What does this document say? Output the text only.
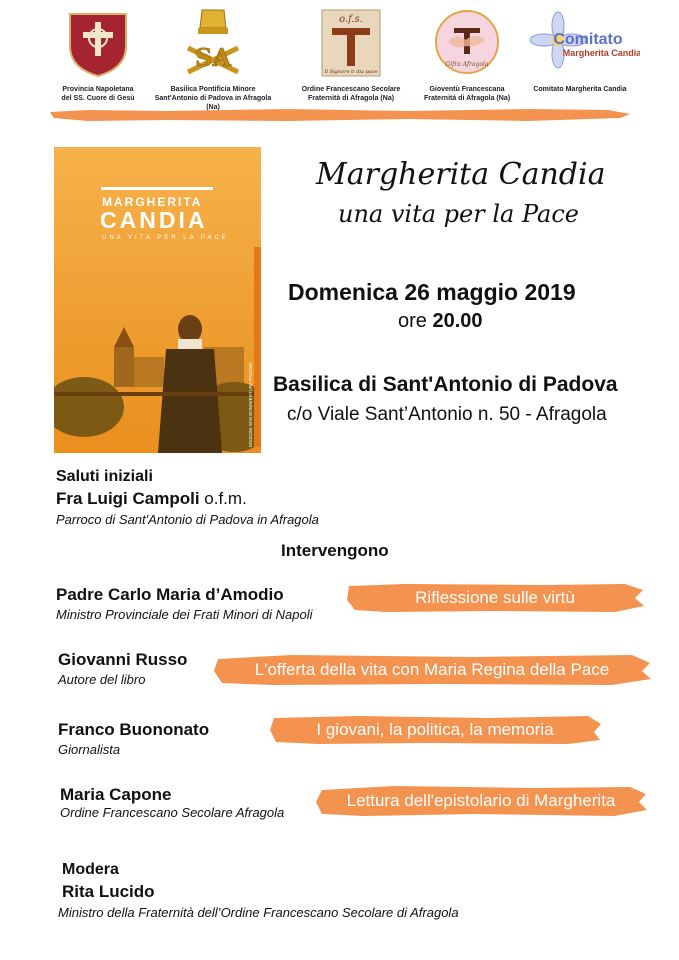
Provincia Napoletana
del SS. Cuore di Gesù
SA
Basilica Pontificia Minore
Sant'Antonio di Padova in Afragola (Na)
o.f.s.
Il Signore ti dia pace
Ordine Francescano Secolare
Fraternità di Afragola (Na)
Gifra Afragola
Gioventù Francescana
Fraternità di Afragola (Na)
Comitato
Margherita Candia
Comitato Margherita Candia
MARGHERITA
CANDIA
UNA VITA PER LA PACE
EDIZIONI SAN BONAVENTURA PADOVA
Margherita Candia
una vita per la Pace
Domenica 26 maggio 2019
ore 20.00
Basilica di Sant'Antonio di Padova
c/o Viale Sant’Antonio n. 50 - Afragola
Saluti iniziali
Fra Luigi Campoli o.f.m.
Parroco di Sant'Antonio di Padova in Afragola
Intervengono
Padre Carlo Maria d’Amodio
Ministro Provinciale dei Frati Minori di Napoli
Riflessione sulle virtù
Giovanni Russo
Autore del libro
L'offerta della vita con Maria Regina della Pace
Franco Buononato
Giornalista
I giovani, la politica, la memoria
Maria Capone
Ordine Francescano Secolare Afragola
Lettura dell'epistolario di Margherita
Modera
Rita Lucido
Ministro della Fraternità dell’Ordine Francescano Secolare di Afragola
